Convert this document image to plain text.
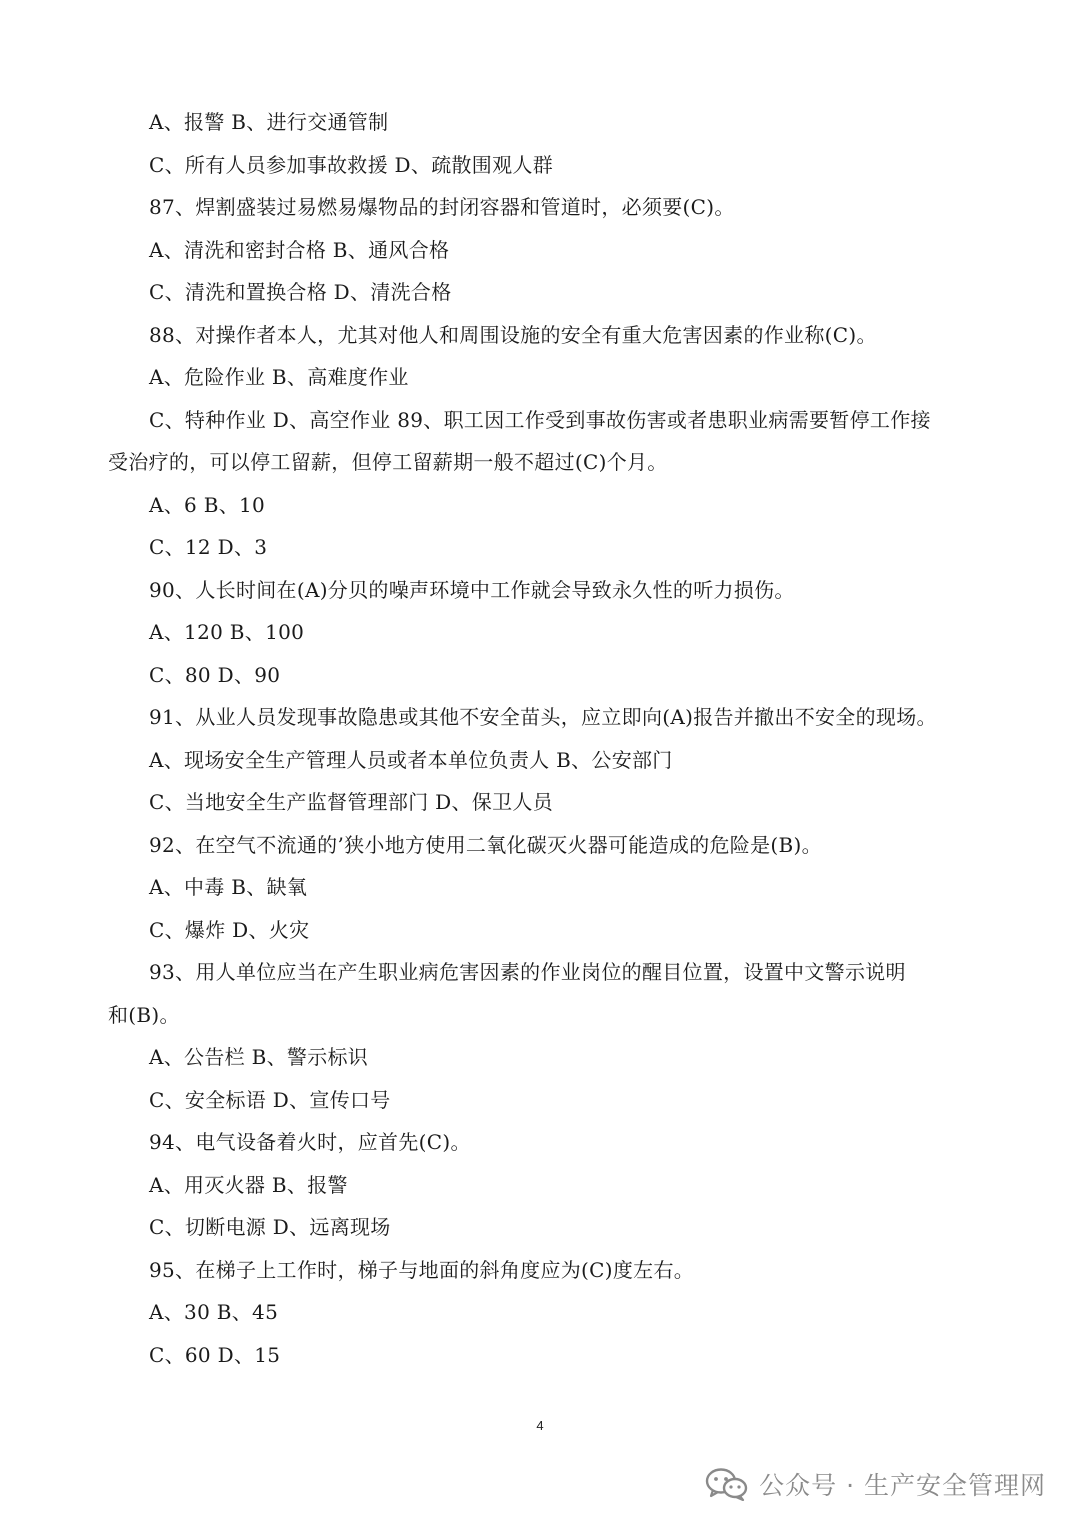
A、报警 B、进行交通管制
C、所有人员参加事故救援 D、疏散围观人群
87、焊割盛装过易燃易爆物品的封闭容器和管道时，必须要(C)。
A、清洗和密封合格 B、通风合格
C、清洗和置换合格 D、清洗合格
88、对操作者本人，尤其对他人和周围设施的安全有重大危害因素的作业称(C)。
A、危险作业 B、高难度作业
C、特种作业 D、高空作业 89、职工因工作受到事故伤害或者患职业病需要暂停工作接
受治疗的，可以停工留薪，但停工留薪期一般不超过(C)个月。
A、6 B、10
C、12 D、3
90、人长时间在(A)分贝的噪声环境中工作就会导致永久性的听力损伤。
A、120 B、100
C、80 D、90
91、从业人员发现事故隐患或其他不安全苗头，应立即向(A)报告并撤出不安全的现场。
A、现场安全生产管理人员或者本单位负责人 B、公安部门
C、当地安全生产监督管理部门 D、保卫人员
92、在空气不流通的’狭小地方使用二氧化碳灭火器可能造成的危险是(B)。
A、中毒 B、缺氧
C、爆炸 D、火灾
93、用人单位应当在产生职业病危害因素的作业岗位的醒目位置，设置中文警示说明
和(B)。
A、公告栏 B、警示标识
C、安全标语 D、宣传口号
94、电气设备着火时，应首先(C)。
A、用灭火器 B、报警
C、切断电源 D、远离现场
95、在梯子上工作时，梯子与地面的斜角度应为(C)度左右。
A、30 B、45
C、60 D、15
4
公众号 · 生产安全管理网
